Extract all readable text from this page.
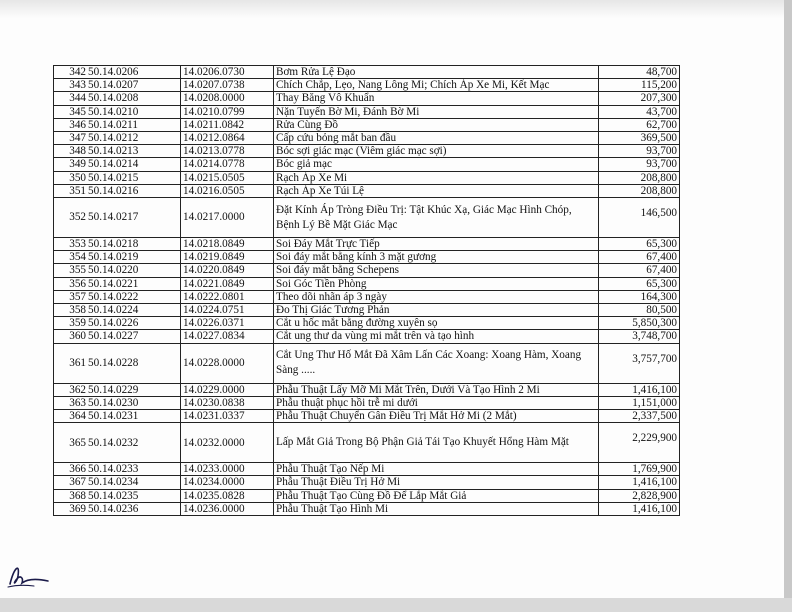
342	50.14.0206	14.0206.0730	Bơm Rửa Lệ Đạo	48,700
343	50.14.0207	14.0207.0738	Chích Chắp, Lẹo, Nang Lông Mi; Chích Áp Xe Mi, Kết Mạc	115,200
344	50.14.0208	14.0208.0000	Thay Băng Vô Khuẩn	207,300
345	50.14.0210	14.0210.0799	Nặn Tuyến Bờ Mi, Đánh Bờ Mi	43,700
346	50.14.0211	14.0211.0842	Rửa Cùng Đồ	62,700
347	50.14.0212	14.0212.0864	Cấp cứu bỏng mắt ban đầu	369,500
348	50.14.0213	14.0213.0778	Bóc sợi giác mạc (Viêm giác mạc sợi)	93,700
349	50.14.0214	14.0214.0778	Bóc giả mạc	93,700
350	50.14.0215	14.0215.0505	Rạch Áp Xe Mi	208,800
351	50.14.0216	14.0216.0505	Rạch Áp Xe Túi Lệ	208,800
352	50.14.0217	14.0217.0000	Đặt Kính Áp Tròng Điều Trị: Tật Khúc Xạ, Giác Mạc Hình Chóp, Bệnh Lý Bề Mặt Giác Mạc	146,500
353	50.14.0218	14.0218.0849	Soi Đáy Mắt Trực Tiếp	65,300
354	50.14.0219	14.0219.0849	Soi đáy mắt bằng kính 3 mặt gương	67,400
355	50.14.0220	14.0220.0849	Soi đáy mắt bằng Schepens	67,400
356	50.14.0221	14.0221.0849	Soi Góc Tiền Phòng	65,300
357	50.14.0222	14.0222.0801	Theo dõi nhãn áp 3 ngày	164,300
358	50.14.0224	14.0224.0751	Đo Thị Giác Tương Phản	80,500
359	50.14.0226	14.0226.0371	Cắt u hốc mắt bằng đường xuyên sọ	5,850,300
360	50.14.0227	14.0227.0834	Cắt ung thư da vùng mi mắt trên và tạo hình	3,748,700
361	50.14.0228	14.0228.0000	Cắt Ung Thư Hố Mắt Đã Xâm Lấn Các Xoang: Xoang Hàm, Xoang Sàng .....	3,757,700
362	50.14.0229	14.0229.0000	Phẫu Thuật Lấy Mỡ Mi Mắt Trên, Dưới Và Tạo Hình 2 Mi	1,416,100
363	50.14.0230	14.0230.0838	Phẫu thuật phục hồi trễ mi dưới	1,151,000
364	50.14.0231	14.0231.0337	Phẫu Thuật Chuyển Gân Điều Trị Mắt Hở Mi (2 Mắt)	2,337,500
365	50.14.0232	14.0232.0000	Lấp Mắt Giả Trong Bộ Phận Giả Tái Tạo Khuyết Hổng Hàm Mặt	2,229,900
366	50.14.0233	14.0233.0000	Phẫu Thuật Tạo Nếp Mi	1,769,900
367	50.14.0234	14.0234.0000	Phẫu Thuật Điều Trị Hở Mi	1,416,100
368	50.14.0235	14.0235.0828	Phẫu Thuật Tạo Cùng Đồ Để Lắp Mắt Giả	2,828,900
369	50.14.0236	14.0236.0000	Phẫu Thuật Tạo Hình Mi	1,416,100
